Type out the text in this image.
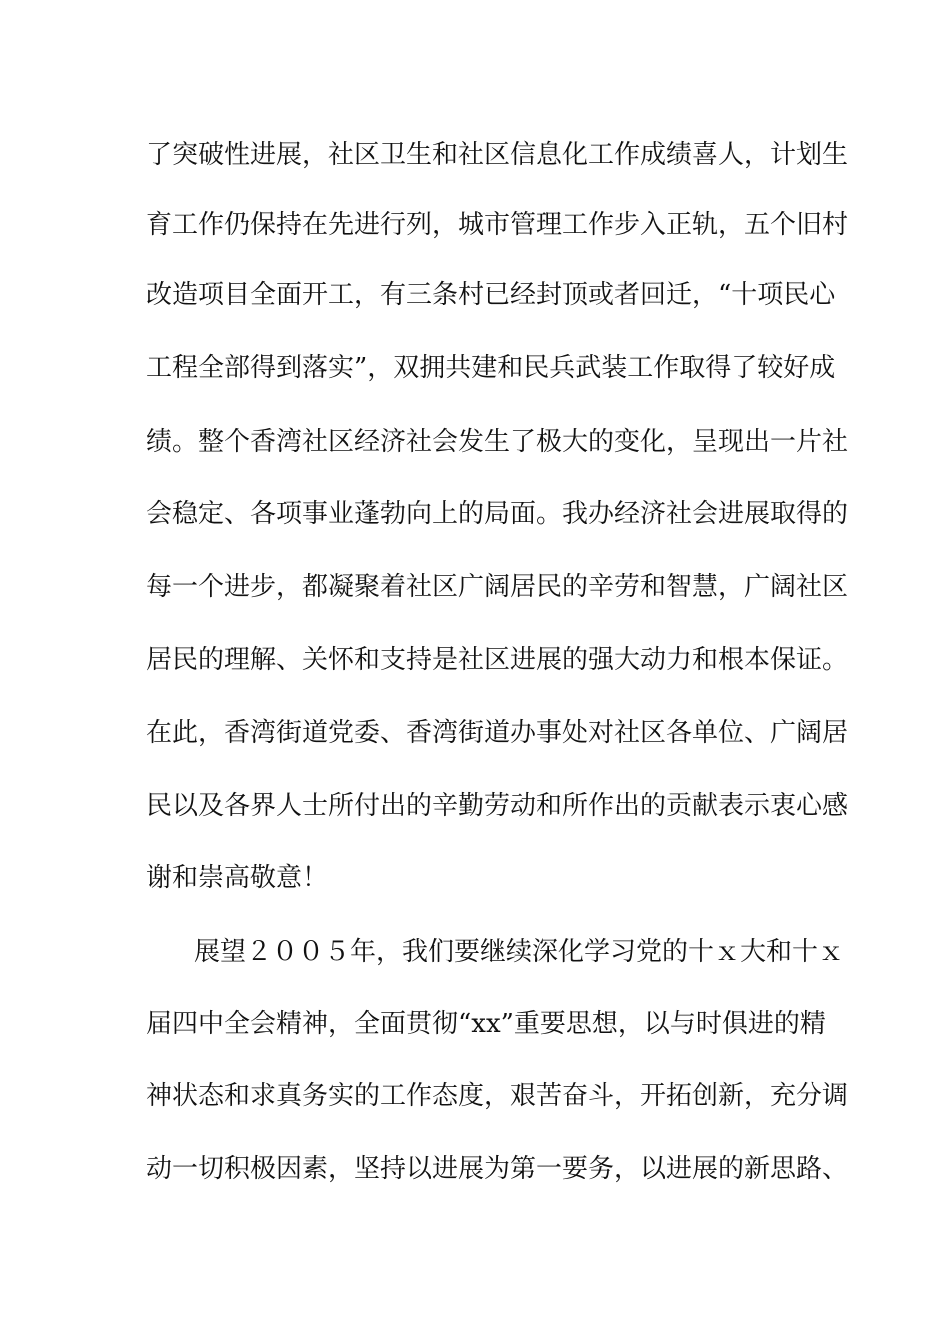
了突破性进展，社区卫生和社区信息化工作成绩喜人，计划生
育工作仍保持在先进行列，城市管理工作步入正轨，五个旧村
改造项目全面开工，有三条村已经封顶或者回迁，“十项民心
工程全部得到落实”，双拥共建和民兵武装工作取得了较好成
绩。整个香湾社区经济社会发生了极大的变化，呈现出一片社
会稳定、各项事业蓬勃向上的局面。我办经济社会进展取得的
每一个进步，都凝聚着社区广阔居民的辛劳和智慧，广阔社区
居民的理解、关怀和支持是社区进展的强大动力和根本保证。
在此，香湾街道党委、香湾街道办事处对社区各单位、广阔居
民以及各界人士所付出的辛勤劳动和所作出的贡献表示衷心感
谢和崇高敬意！
展望２００５年，我们要继续深化学习党的十ｘ大和十ｘ
届四中全会精神，全面贯彻“xx”重要思想，以与时俱进的精
神状态和求真务实的工作态度，艰苦奋斗，开拓创新，充分调
动一切积极因素，坚持以进展为第一要务，以进展的新思路、
